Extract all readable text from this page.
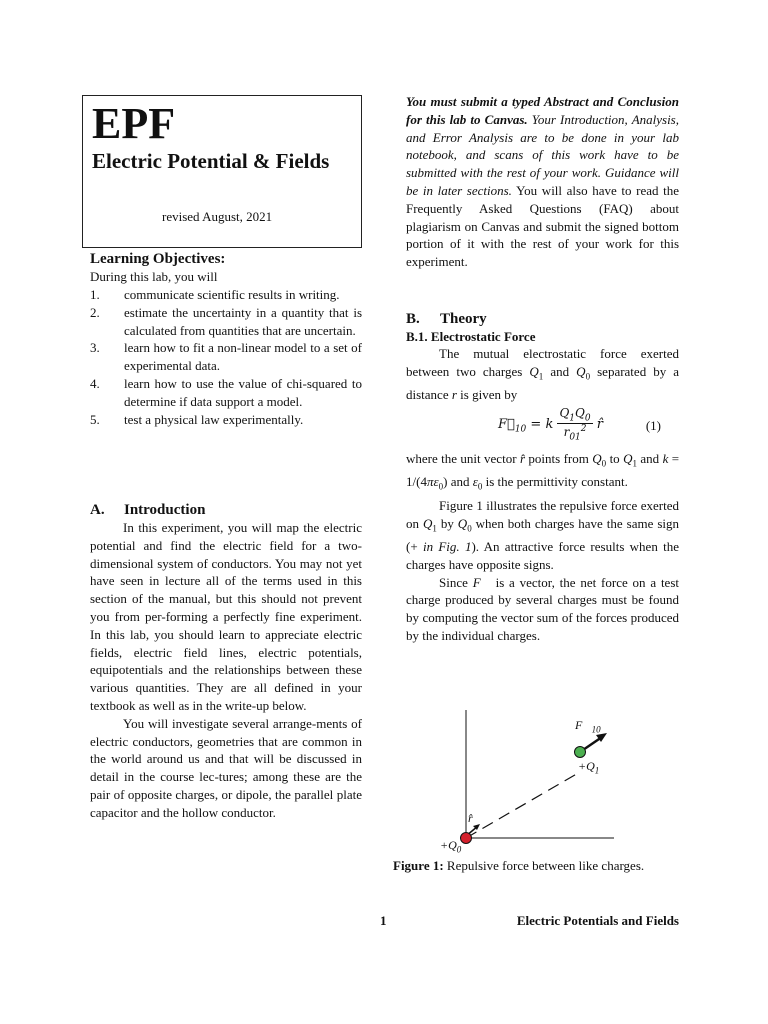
EPF
Electric Potential & Fields
revised August, 2021
Learning Objectives:

During this lab, you will

1. communicate scientific results in writing.
2. estimate the uncertainty in a quantity that is calculated from quantities that are uncertain.
3. learn how to fit a non-linear model to a set of experimental data.
4. learn how to use the value of chi-squared to determine if data support a model.
5. test a physical law experimentally.
A. Introduction

In this experiment, you will map the electric potential and find the electric field for a two-dimensional system of conductors. You may not yet have seen in lecture all of the terms used in this section of the manual, but this should not prevent you from per-forming a perfectly fine experiment. In this lab, you should learn to appreciate electric fields, electric field lines, electric potentials, equipotentials and the relationships between these various quantities. They are all defined in your textbook as well as in the write-up below.

You will investigate several arrange-ments of electric conductors, geometries that are common in the world around us and that will be discussed in detail in the course lec-tures; among these are the pair of opposite charges, or dipole, the parallel plate capacitor and the hollow conductor.

You must submit a typed Abstract and Conclusion for this lab to Canvas. Your Introduction, Analysis, and Error Analysis are to be done in your lab notebook, and scans of this work have to be submitted with the rest of your work. Guidance will be in later sections. You will also have to read the Frequently Asked Questions (FAQ) about plagiarism on Canvas and submit the signed bottom portion of it with the rest of your work for this experiment.

B. Theory
B.1. Electrostatic Force

The mutual electrostatic force exerted between two charges $Q_1$ and $Q_0$ separated by a distance r is given by

$F⃗_{10} = k \frac{Q_1Q_0}{r_{01}^2}$ r̂	(1)

where the unit vector r̂ points from $Q_0$ to $Q_1$ and $k = 1/(4\pi\varepsilon_0)$ and $\varepsilon_0$ is the permittivity constant.

Figure 1 illustrates the repulsive force exerted on $Q_1$ by $Q_0$ when both charges have the same sign (+ in Fig. 1). An attractive force results when the charges have opposite signs.

Since F⃗ is a vector, the net force on a test charge produced by several charges must be found by computing the vector sum of the forces produced by the individual charges.

$F⃗_{10}$
$+Q_1$
r̂
$+Q_0$

Figure 1: Repulsive force between like charges.

1	Electric Potentials and Fields
